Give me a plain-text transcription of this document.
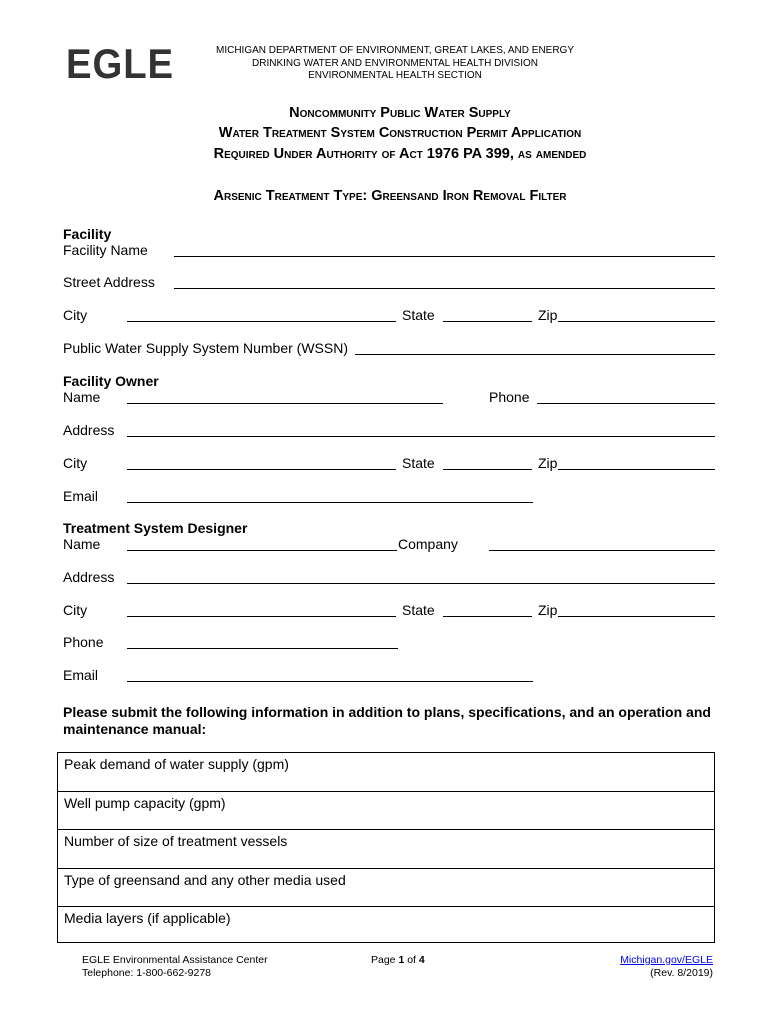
EGLE	MICHIGAN DEPARTMENT OF ENVIRONMENT, GREAT LAKES, AND ENERGY
DRINKING WATER AND ENVIRONMENTAL HEALTH DIVISION
ENVIRONMENTAL HEALTH SECTION
Noncommunity Public Water Supply
Water Treatment System Construction Permit Application
Required Under Authority of Act 1976 PA 399, as amended
Arsenic Treatment Type: Greensand Iron Removal Filter
Facility
Facility Name
Street Address
City	State	Zip
Public Water Supply System Number (WSSN)
Facility Owner
Name	Phone
Address
City	State	Zip
Email
Treatment System Designer
Name	Company
Address
City	State	Zip
Phone
Email
Please submit the following information in addition to plans, specifications, and an operation and maintenance manual:
Peak demand of water supply (gpm)
Well pump capacity (gpm)
Number of size of treatment vessels
Type of greensand and any other media used
Media layers (if applicable)
EGLE Environmental Assistance Center
Telephone: 1-800-662-9278
Page 1 of 4	Michigan.gov/EGLE
(Rev. 8/2019)
